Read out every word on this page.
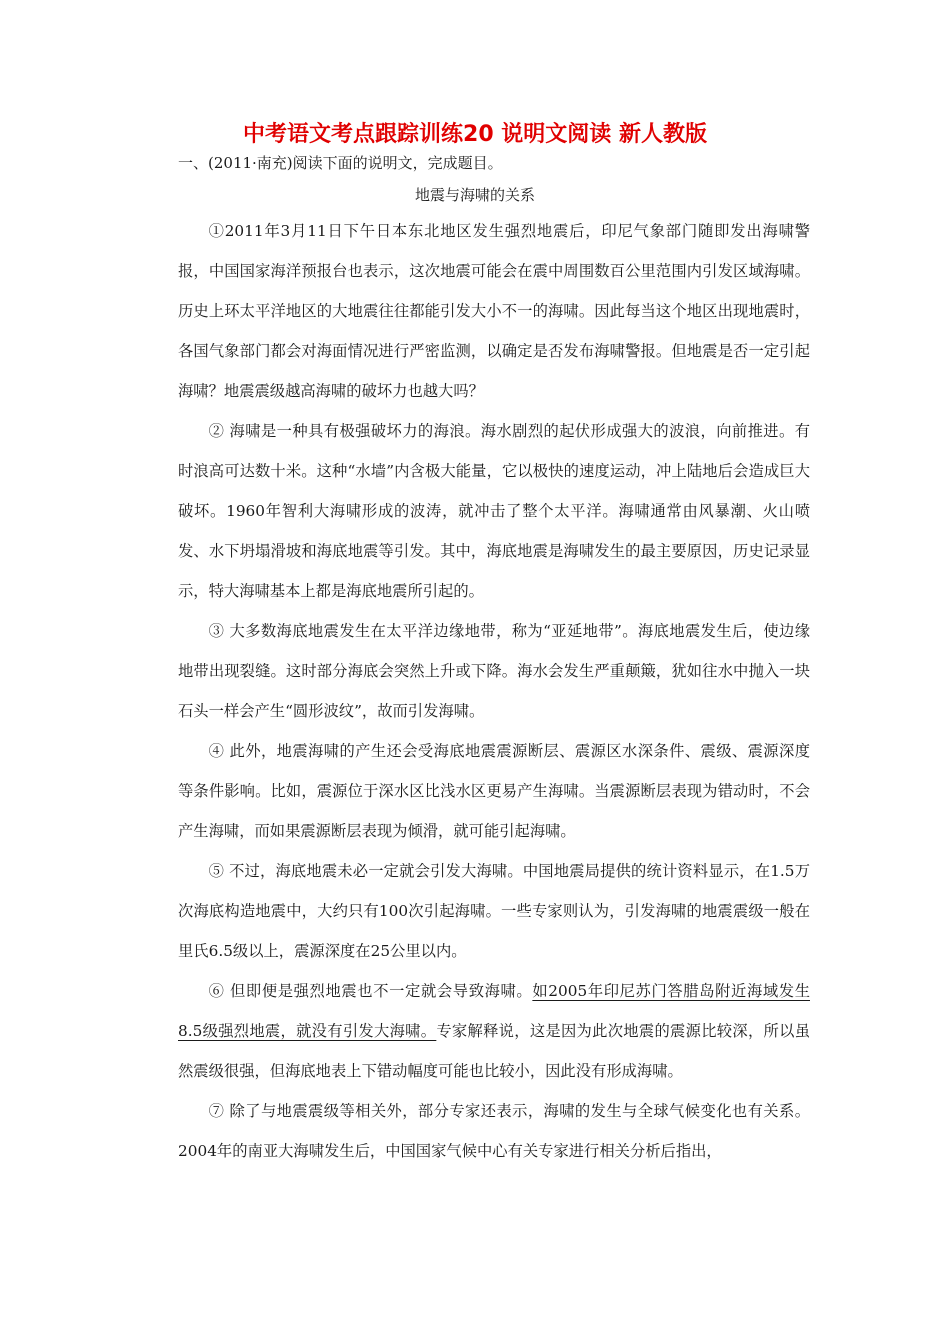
中考语文考点跟踪训练20 说明文阅读 新人教版
一、(2011·南充)阅读下面的说明文，完成题目。
地震与海啸的关系

①2011年3月11日下午日本东北地区发生强烈地震后，印尼气象部门随即发出海啸警报，中国国家海洋预报台也表示，这次地震可能会在震中周围数百公里范围内引发区域海啸。历史上环太平洋地区的大地震往往都能引发大小不一的海啸。因此每当这个地区出现地震时，各国气象部门都会对海面情况进行严密监测，以确定是否发布海啸警报。但地震是否一定引起海啸？地震震级越高海啸的破坏力也越大吗？

② 海啸是一种具有极强破坏力的海浪。海水剧烈的起伏形成强大的波浪，向前推进。有时浪高可达数十米。这种“水墙”内含极大能量，它以极快的速度运动，冲上陆地后会造成巨大破坏。1960年智利大海啸形成的波涛，就冲击了整个太平洋。海啸通常由风暴潮、火山喷发、水下坍塌滑坡和海底地震等引发。其中，海底地震是海啸发生的最主要原因，历史记录显示，特大海啸基本上都是海底地震所引起的。

③ 大多数海底地震发生在太平洋边缘地带，称为“亚延地带”。海底地震发生后，使边缘地带出现裂缝。这时部分海底会突然上升或下降。海水会发生严重颠簸，犹如往水中抛入一块石头一样会产生“圆形波纹”，故而引发海啸。

④ 此外，地震海啸的产生还会受海底地震震源断层、震源区水深条件、震级、震源深度等条件影响。比如，震源位于深水区比浅水区更易产生海啸。当震源断层表现为错动时，不会产生海啸，而如果震源断层表现为倾滑，就可能引起海啸。

⑤ 不过，海底地震未必一定就会引发大海啸。中国地震局提供的统计资料显示，在1.5万次海底构造地震中，大约只有100次引起海啸。一些专家则认为，引发海啸的地震震级一般在里氏6.5级以上，震源深度在25公里以内。

⑥ 但即便是强烈地震也不一定就会导致海啸。如2005年印尼苏门答腊岛附近海域发生8.5级强烈地震，就没有引发大海啸。专家解释说，这是因为此次地震的震源比较深，所以虽然震级很强，但海底地表上下错动幅度可能也比较小，因此没有形成海啸。

⑦ 除了与地震震级等相关外，部分专家还表示，海啸的发生与全球气候变化也有关系。2004年的南亚大海啸发生后，中国国家气候中心有关专家进行相关分析后指出，
